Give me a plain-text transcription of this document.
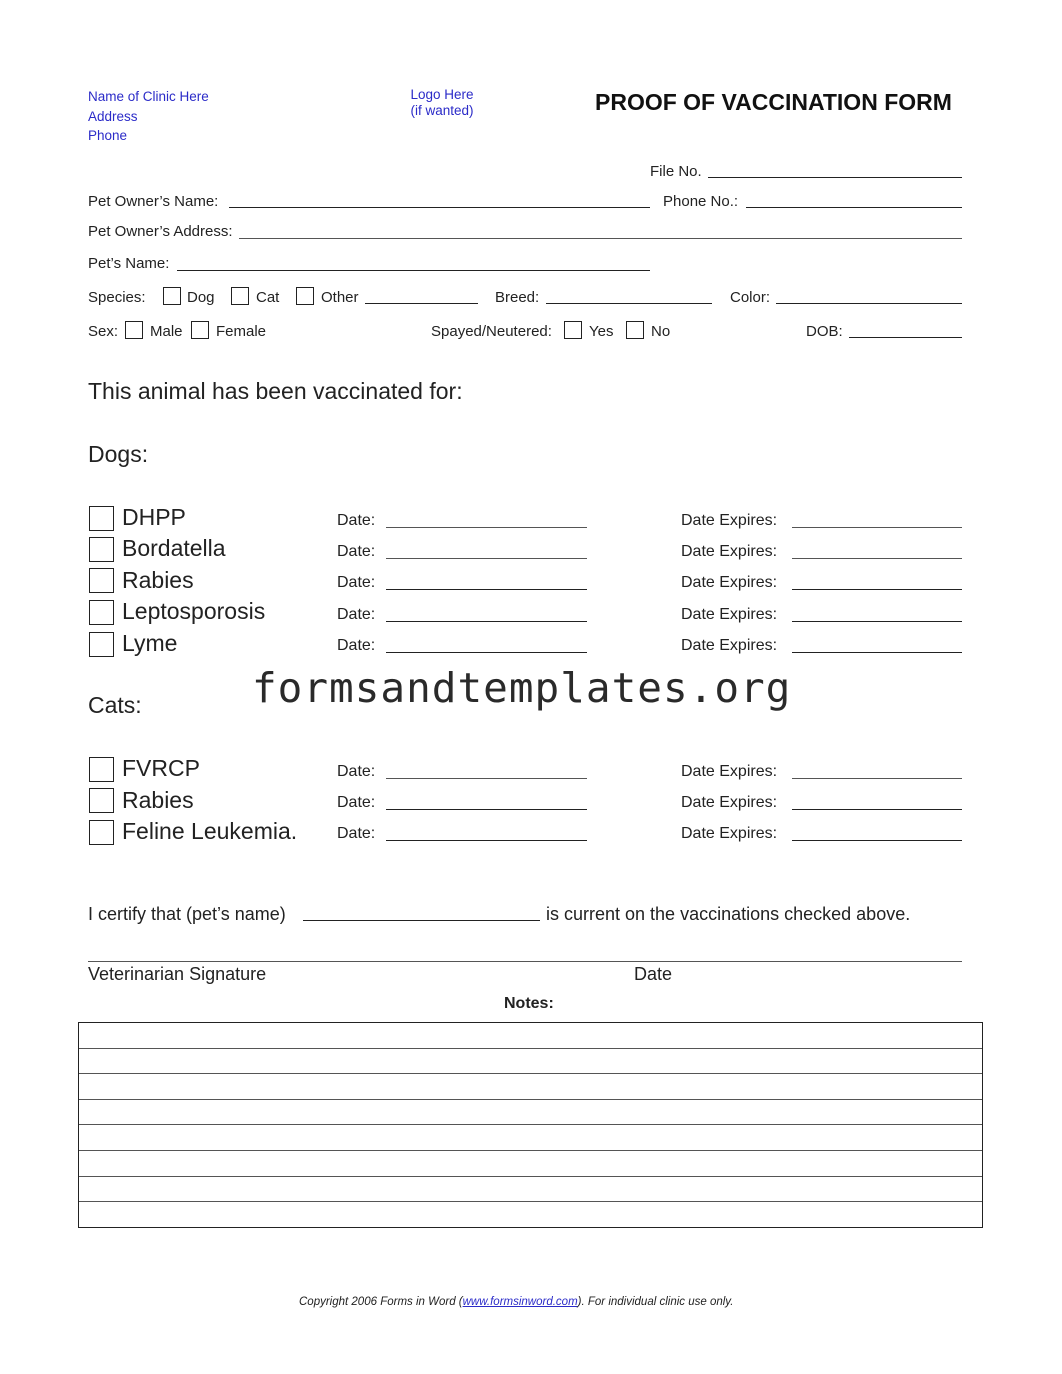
Name of Clinic Here
Address
Phone
Logo Here
(if wanted)	PROOF OF VACCINATION FORM
File No.
Pet Owner’s Name:	Phone No.:
Pet Owner’s Address:
Pet’s Name:
Species:	Dog	Cat	Other	Breed:	Color:
Sex: Male Female	Spayed/Neutered: Yes	No	DOB:
This animal has been vaccinated for:
Dogs:
DHPP	Date:	Date Expires:
Bordatella	Date:	Date Expires:
Rabies	Date:	Date Expires:
Leptosporosis	Date:	Date Expires:
Lyme	Date:	Date Expires:
formsandtemplates.org
Cats:
FVRCP	Date:	Date Expires:
Rabies	Date:	Date Expires:
Feline Leukemia. Date:	Date Expires:
I certify that (pet’s name)	is current on the vaccinations checked above.
Veterinarian Signature	Date
Notes:
Copyright 2006 Forms in Word (www.formsinword.com). For individual clinic use only.
